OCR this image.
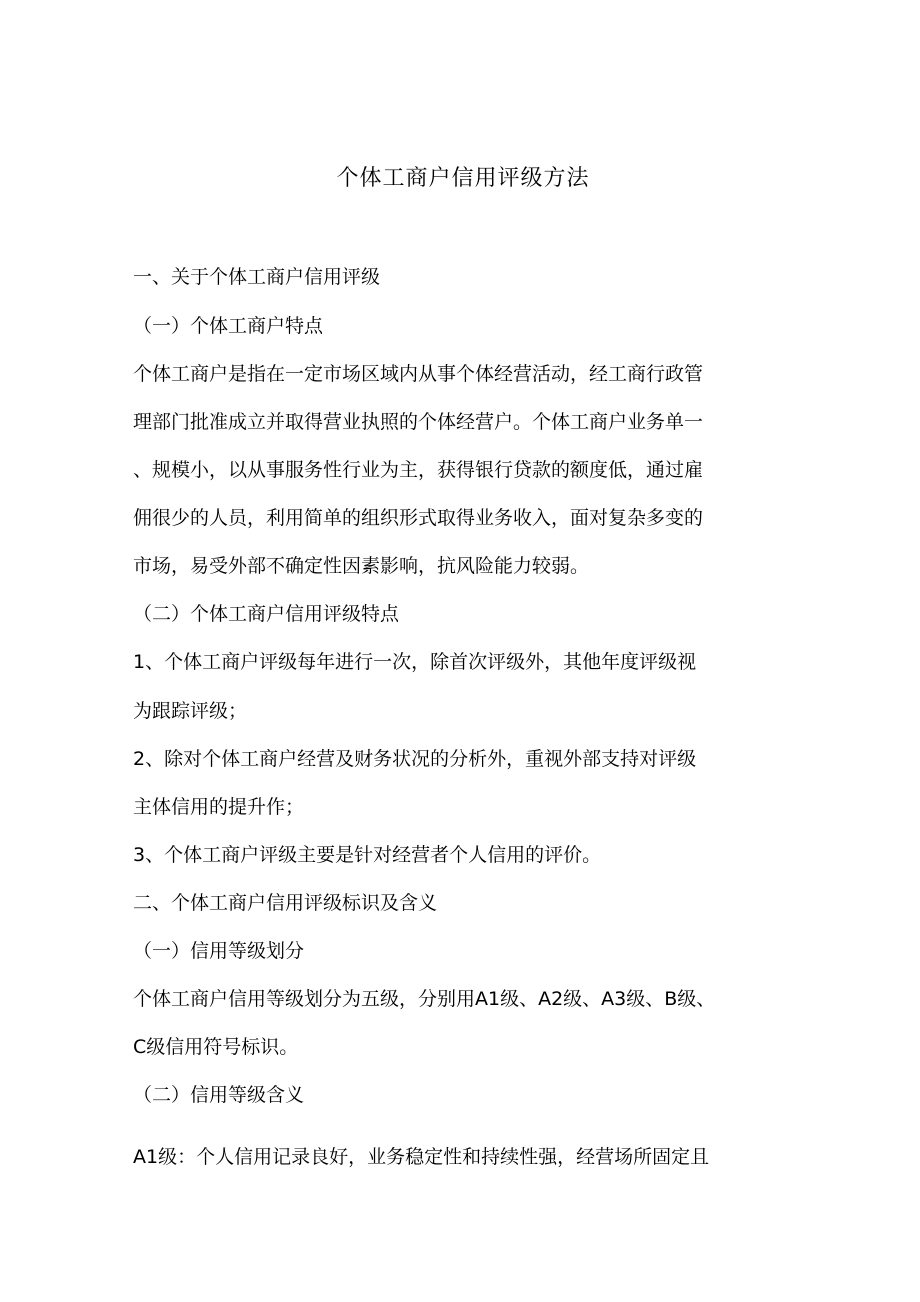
个体工商户信用评级方法
一、关于个体工商户信用评级
（一）个体工商户特点
个体工商户是指在一定市场区域内从事个体经营活动，经工商行政管
理部门批准成立并取得营业执照的个体经营户。个体工商户业务单一
、规模小，以从事服务性行业为主，获得银行贷款的额度低，通过雇
佣很少的人员，利用简单的组织形式取得业务收入，面对复杂多变的
市场，易受外部不确定性因素影响，抗风险能力较弱。
（二）个体工商户信用评级特点
1、个体工商户评级每年进行一次，除首次评级外，其他年度评级视
为跟踪评级；
2、除对个体工商户经营及财务状况的分析外，重视外部支持对评级
主体信用的提升作；
3、个体工商户评级主要是针对经营者个人信用的评价。
二、个体工商户信用评级标识及含义
（一）信用等级划分
个体工商户信用等级划分为五级，分别用A1级、A2级、A3级、B级、
C级信用符号标识。
（二）信用等级含义
A1级：个人信用记录良好，业务稳定性和持续性强，经营场所固定且
